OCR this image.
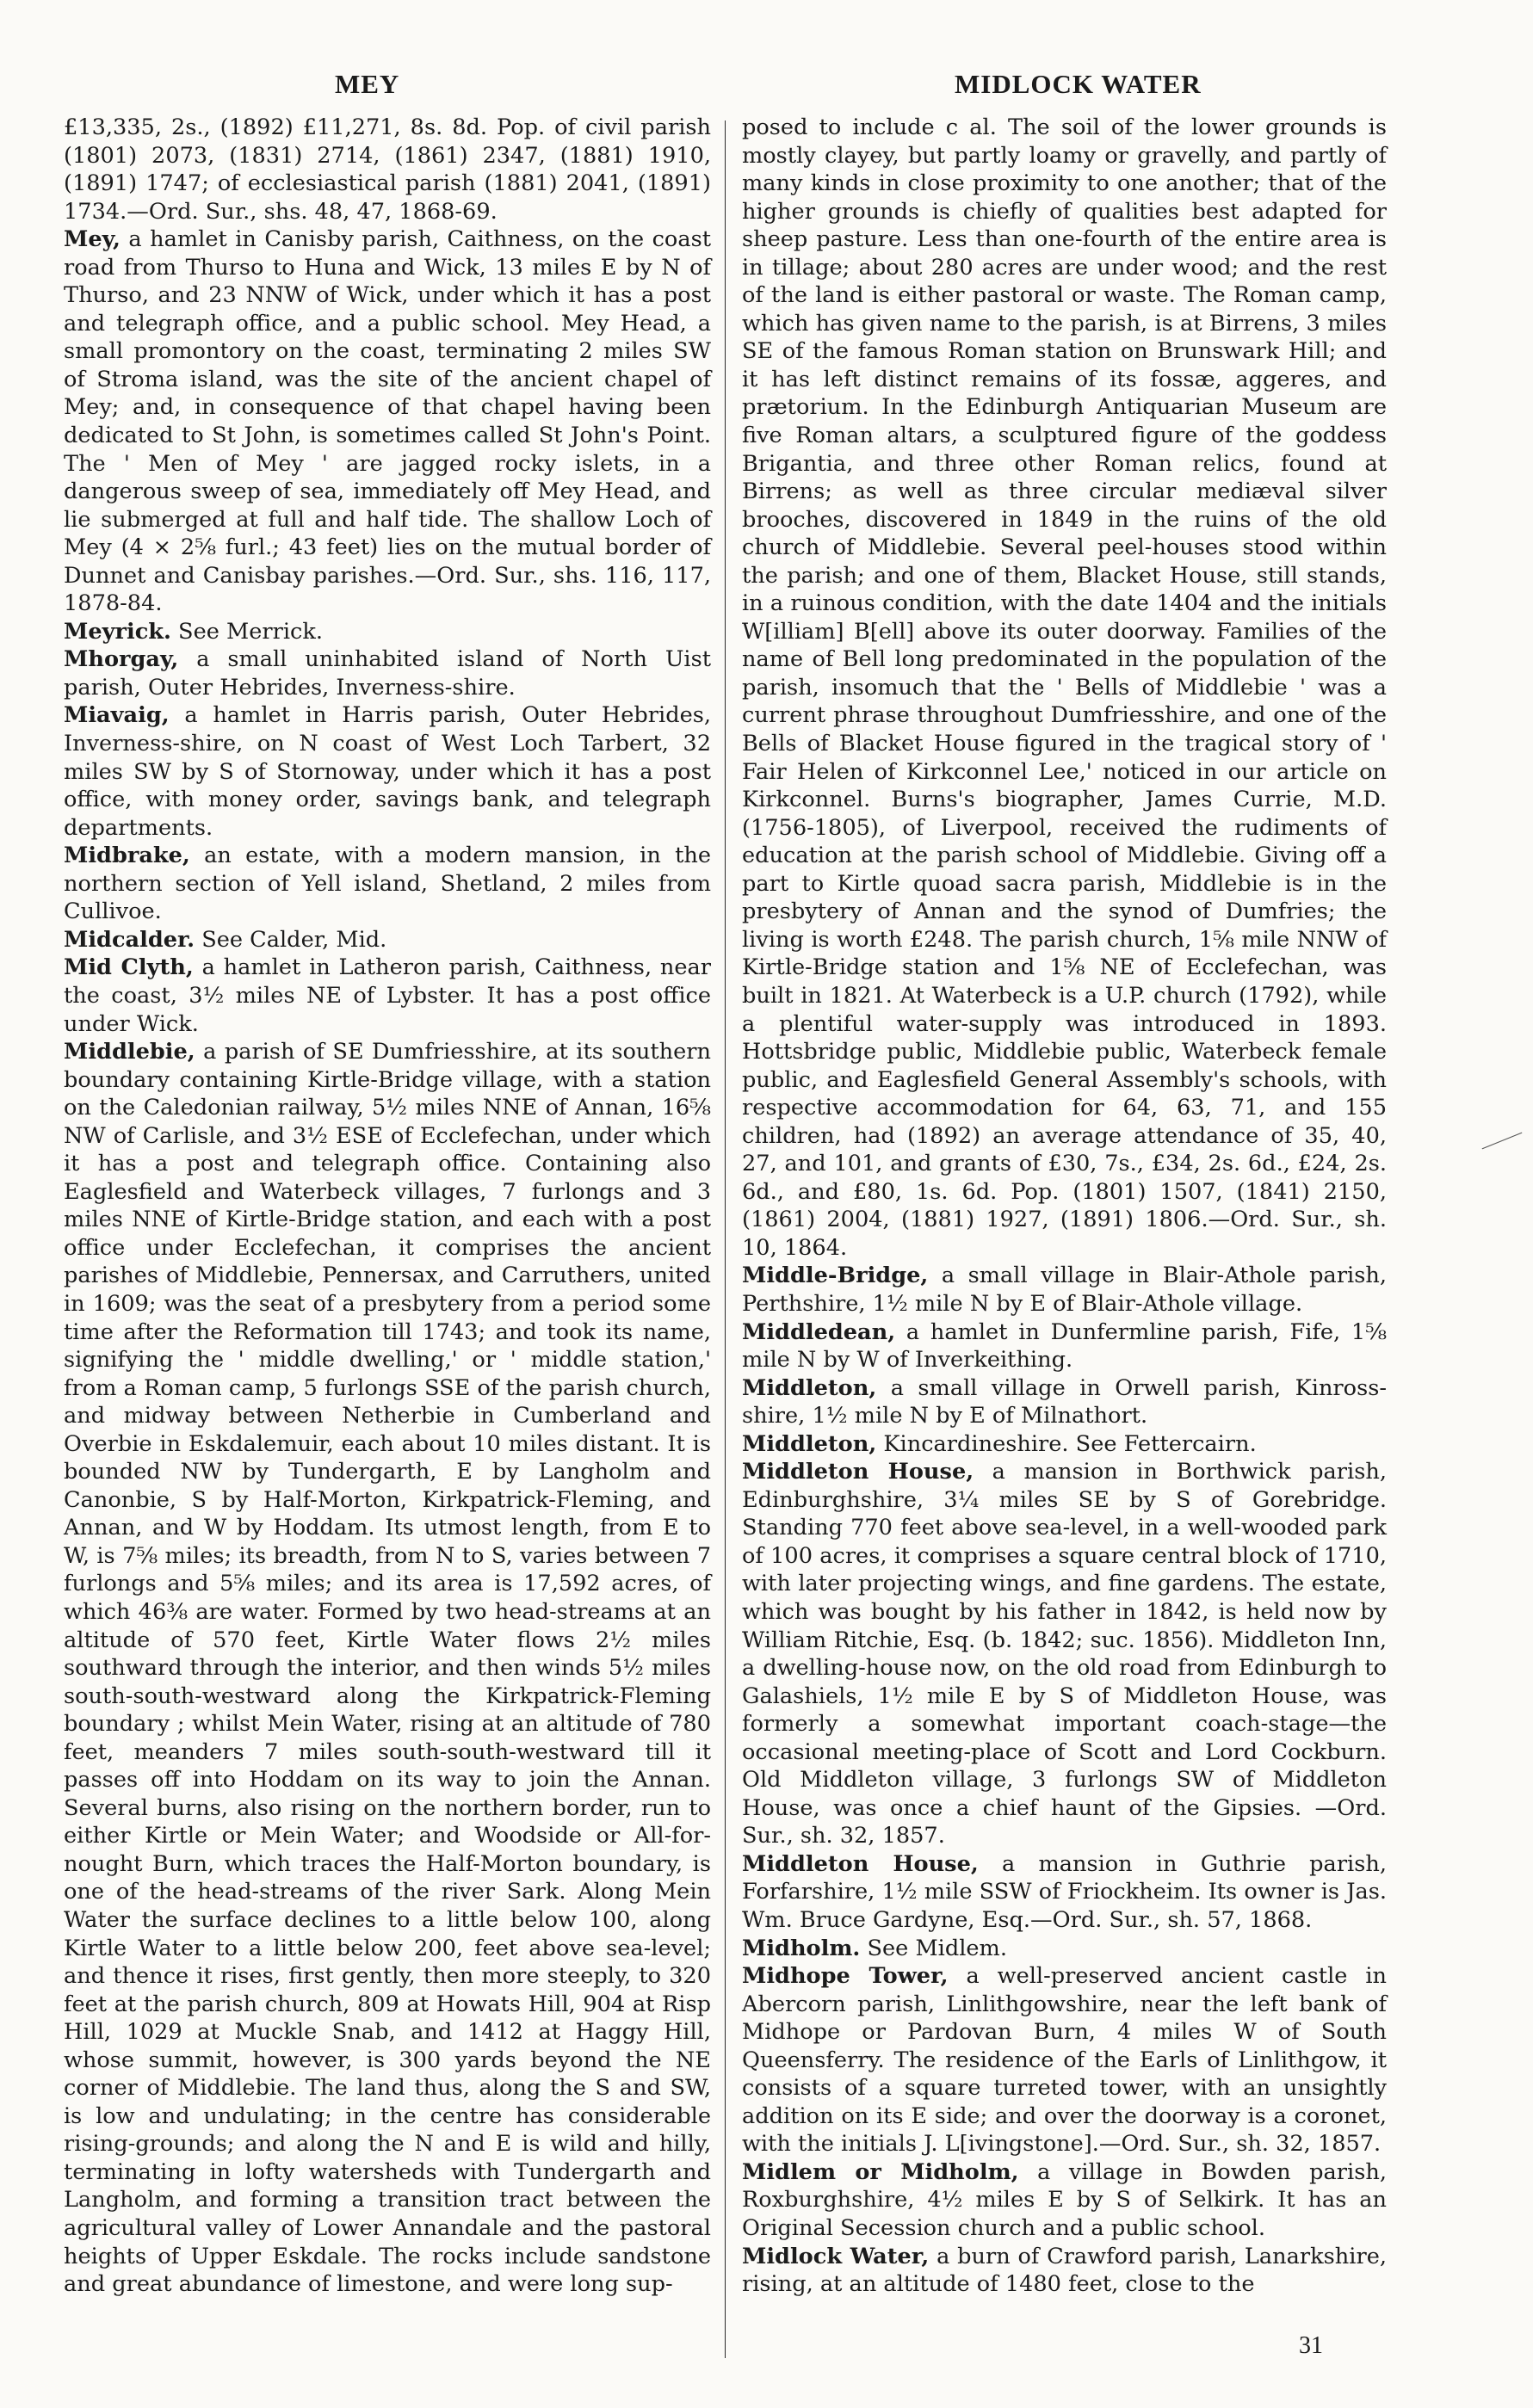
MEY	MIDLOCK WATER

£13,335, 2s., (1892) £11,271, 8s. 8d. Pop. of civil parish (1801) 2073, (1831) 2714, (1861) 2347, (1881) 1910, (1891) 1747; of ecclesiastical parish (1881) 2041, (1891) 1734.—Ord. Sur., shs. 48, 47, 1868-69.

Mey, a hamlet in Canisby parish, Caithness, on the coast road from Thurso to Huna and Wick, 13 miles E by N of Thurso, and 23 NNW of Wick, under which it has a post and telegraph office, and a public school. Mey Head, a small promontory on the coast, terminating 2 miles SW of Stroma island, was the site of the ancient chapel of Mey; and, in consequence of that chapel having been dedicated to St John, is sometimes called St John's Point. The ' Men of Mey ' are jagged rocky islets, in a dangerous sweep of sea, immediately off Mey Head, and lie submerged at full and half tide. The shallow Loch of Mey (4 × 2⅝ furl.; 43 feet) lies on the mutual border of Dunnet and Canisbay parishes.—Ord. Sur., shs. 116, 117, 1878-84.

Meyrick. See Merrick.

Mhorgay, a small uninhabited island of North Uist parish, Outer Hebrides, Inverness-shire.

Miavaig, a hamlet in Harris parish, Outer Hebrides, Inverness-shire, on N coast of West Loch Tarbert, 32 miles SW by S of Stornoway, under which it has a post office, with money order, savings bank, and telegraph departments.

Midbrake, an estate, with a modern mansion, in the northern section of Yell island, Shetland, 2 miles from Cullivoe.

Midcalder. See Calder, Mid.

Mid Clyth, a hamlet in Latheron parish, Caithness, near the coast, 3½ miles NE of Lybster. It has a post office under Wick.

Middlebie, a parish of SE Dumfriesshire, at its southern boundary containing Kirtle-Bridge village, with a station on the Caledonian railway, 5½ miles NNE of Annan, 16⅝ NW of Carlisle, and 3½ ESE of Ecclefechan, under which it has a post and telegraph office. Containing also Eaglesfield and Waterbeck villages, 7 furlongs and 3 miles NNE of Kirtle-Bridge station, and each with a post office under Ecclefechan, it comprises the ancient parishes of Middlebie, Pennersax, and Carruthers, united in 1609; was the seat of a presbytery from a period some time after the Reformation till 1743; and took its name, signifying the ' middle dwelling,' or ' middle station,' from a Roman camp, 5 furlongs SSE of the parish church, and midway between Netherbie in Cumberland and Overbie in Eskdalemuir, each about 10 miles distant. It is bounded NW by Tundergarth, E by Langholm and Canonbie, S by Half-Morton, Kirkpatrick-Fleming, and Annan, and W by Hoddam. Its utmost length, from E to W, is 7⅝ miles; its breadth, from N to S, varies between 7 furlongs and 5⅝ miles; and its area is 17,592 acres, of which 46⅜ are water. Formed by two head-streams at an altitude of 570 feet, Kirtle Water flows 2½ miles southward through the interior, and then winds 5½ miles south-south-westward along the Kirkpatrick-Fleming boundary ; whilst Mein Water, rising at an altitude of 780 feet, meanders 7 miles south-south-westward till it passes off into Hoddam on its way to join the Annan. Several burns, also rising on the northern border, run to either Kirtle or Mein Water; and Woodside or All-for-nought Burn, which traces the Half-Morton boundary, is one of the head-streams of the river Sark. Along Mein Water the surface declines to a little below 100, along Kirtle Water to a little below 200, feet above sea-level; and thence it rises, first gently, then more steeply, to 320 feet at the parish church, 809 at Howats Hill, 904 at Risp Hill, 1029 at Muckle Snab, and 1412 at Haggy Hill, whose summit, however, is 300 yards beyond the NE corner of Middlebie. The land thus, along the S and SW, is low and undulating; in the centre has considerable rising-grounds; and along the N and E is wild and hilly, terminating in lofty watersheds with Tundergarth and Langholm, and forming a transition tract between the agricultural valley of Lower Annandale and the pastoral heights of Upper Eskdale. The rocks include sandstone and great abundance of limestone, and were long sup-

posed to include c al. The soil of the lower grounds is mostly clayey, but partly loamy or gravelly, and partly of many kinds in close proximity to one another; that of the higher grounds is chiefly of qualities best adapted for sheep pasture. Less than one-fourth of the entire area is in tillage; about 280 acres are under wood; and the rest of the land is either pastoral or waste. The Roman camp, which has given name to the parish, is at Birrens, 3 miles SE of the famous Roman station on Brunswark Hill; and it has left distinct remains of its fossæ, aggeres, and prætorium. In the Edinburgh Antiquarian Museum are five Roman altars, a sculptured figure of the goddess Brigantia, and three other Roman relics, found at Birrens; as well as three circular mediæval silver brooches, discovered in 1849 in the ruins of the old church of Middlebie. Several peel-houses stood within the parish; and one of them, Blacket House, still stands, in a ruinous condition, with the date 1404 and the initials W[illiam] B[ell] above its outer doorway. Families of the name of Bell long predominated in the population of the parish, insomuch that the ' Bells of Middlebie ' was a current phrase throughout Dumfriesshire, and one of the Bells of Blacket House figured in the tragical story of ' Fair Helen of Kirkconnel Lee,' noticed in our article on Kirkconnel. Burns's biographer, James Currie, M.D. (1756-1805), of Liverpool, received the rudiments of education at the parish school of Middlebie. Giving off a part to Kirtle quoad sacra parish, Middlebie is in the presbytery of Annan and the synod of Dumfries; the living is worth £248. The parish church, 1⅝ mile NNW of Kirtle-Bridge station and 1⅝ NE of Ecclefechan, was built in 1821. At Waterbeck is a U.P. church (1792), while a plentiful water-supply was introduced in 1893. Hottsbridge public, Middlebie public, Waterbeck female public, and Eaglesfield General Assembly's schools, with respective accommodation for 64, 63, 71, and 155 children, had (1892) an average attendance of 35, 40, 27, and 101, and grants of £30, 7s., £34, 2s. 6d., £24, 2s. 6d., and £80, 1s. 6d. Pop. (1801) 1507, (1841) 2150, (1861) 2004, (1881) 1927, (1891) 1806.—Ord. Sur., sh. 10, 1864.

Middle-Bridge, a small village in Blair-Athole parish, Perthshire, 1½ mile N by E of Blair-Athole village.

Middledean, a hamlet in Dunfermline parish, Fife, 1⅝ mile N by W of Inverkeithing.

Middleton, a small village in Orwell parish, Kinross-shire, 1½ mile N by E of Milnathort.

Middleton, Kincardineshire. See Fettercairn.

Middleton House, a mansion in Borthwick parish, Edinburghshire, 3¼ miles SE by S of Gorebridge. Standing 770 feet above sea-level, in a well-wooded park of 100 acres, it comprises a square central block of 1710, with later projecting wings, and fine gardens. The estate, which was bought by his father in 1842, is held now by William Ritchie, Esq. (b. 1842; suc. 1856). Middleton Inn, a dwelling-house now, on the old road from Edinburgh to Galashiels, 1½ mile E by S of Middleton House, was formerly a somewhat important coach-stage—the occasional meeting-place of Scott and Lord Cockburn. Old Middleton village, 3 furlongs SW of Middleton House, was once a chief haunt of the Gipsies. —Ord. Sur., sh. 32, 1857.

Middleton House, a mansion in Guthrie parish, Forfarshire, 1½ mile SSW of Friockheim. Its owner is Jas. Wm. Bruce Gardyne, Esq.—Ord. Sur., sh. 57, 1868.

Midholm. See Midlem.

Midhope Tower, a well-preserved ancient castle in Abercorn parish, Linlithgowshire, near the left bank of Midhope or Pardovan Burn, 4 miles W of South Queensferry. The residence of the Earls of Linlithgow, it consists of a square turreted tower, with an unsightly addition on its E side; and over the doorway is a coronet, with the initials J. L[ivingstone].—Ord. Sur., sh. 32, 1857.

Midlem or Midholm, a village in Bowden parish, Roxburghshire, 4½ miles E by S of Selkirk. It has an Original Secession church and a public school.

Midlock Water, a burn of Crawford parish, Lanarkshire, rising, at an altitude of 1480 feet, close to the

31
